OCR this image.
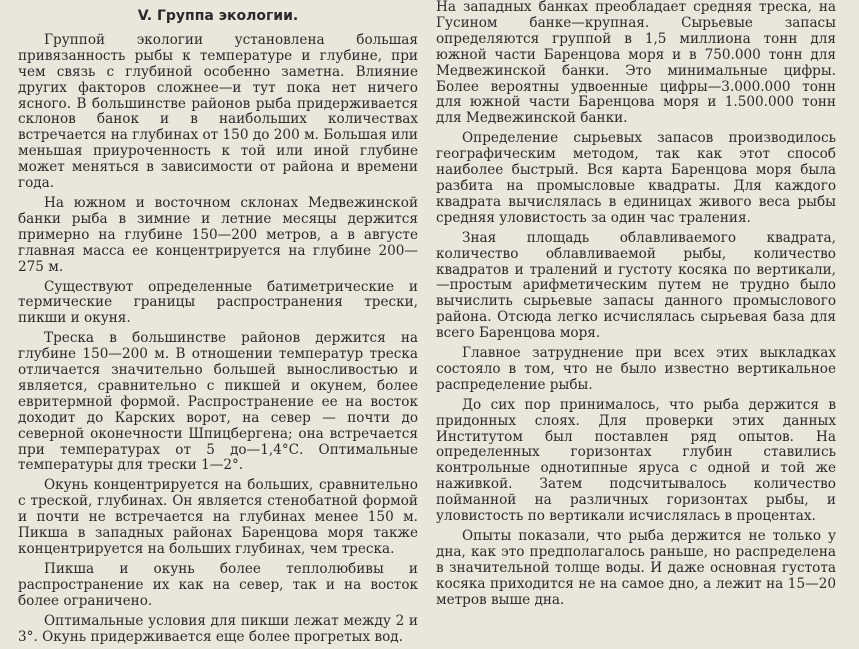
V. Группа экологии.

Группой экологии установлена большая привязанность рыбы к температуре и глубине, при чем связь с глубиной особенно заметна. Влияние других факторов сложнее—и тут пока нет ничего ясного. В большинстве районов рыба придерживается склонов банок и в наибольших количествах встречается на глубинах от 150 до 200 м. Большая или меньшая приуроченность к той или иной глубине может меняться в зависимости от района и времени года.

На южном и восточном склонах Медвежинской банки рыба в зимние и летние месяцы держится примерно на глубине 150—200 метров, а в августе главная масса ее концентрируется на глубине 200—275 м.

Существуют определенные батиметрические и термические границы распространения трески, пикши и окуня.

Треска в большинстве районов держится на глубине 150—200 м. В отношении температур треска отличается значительно большей выносливостью и является, сравнительно с пикшей и окунем, более евритермной формой. Распространение ее на восток доходит до Карских ворот, на север — почти до северной оконечности Шпицбергена; она встречается при температурах от 5 до—1,4°С. Оптимальные температуры для трески 1—2°.

Окунь концентрируется на больших, сравнительно с треской, глубинах. Он является стенобатной формой и почти не встречается на глубинах менее 150 м. Пикша в западных районах Баренцова моря также концентрируется на больших глубинах, чем треска.

Пикша и окунь более теплолюбивы и распространение их как на север, так и на восток более ограничено.

Оптимальные условия для пикши лежат между 2 и 3°. Окунь придерживается еще более прогретых вод.

На западных банках преобладает средняя треска, на Гусином банке—крупная. Сырьевые запасы определяются группой в 1,5 миллиона тонн для южной части Баренцова моря и в 750.000 тонн для Медвежинской банки. Это минимальные цифры. Более вероятны удвоенные цифры—3.000.000 тонн для южной части Баренцова моря и 1.500.000 тонн для Медвежинской банки.

Определение сырьевых запасов производилось географическим методом, так как этот способ наиболее быстрый. Вся карта Баренцова моря была разбита на промысловые квадраты. Для каждого квадрата вычислялась в единицах живого веса рыбы средняя уловистость за один час траления.

Зная площадь облавливаемого квадрата, количество облавливаемой рыбы, количество квадратов и тралений и густоту косяка по вертикали,—простым арифметическим путем не трудно было вычислить сырьевые запасы данного промыслового района. Отсюда легко исчислялась сырьевая база для всего Баренцова моря.

Главное затруднение при всех этих выкладках состояло в том, что не было известно вертикальное распределение рыбы.

До сих пор принималось, что рыба держится в придонных слоях. Для проверки этих данных Институтом был поставлен ряд опытов. На определенных горизонтах глубин ставились контрольные однотипные яруса с одной и той же наживкой. Затем подсчитывалось количество пойманной на различных горизонтах рыбы, и уловистость по вертикали исчислялась в процентах.

Опыты показали, что рыба держится не только у дна, как это предполагалось раньше, но распределена в значительной толще воды. И даже основная густота косяка приходится не на самое дно, а лежит на 15—20 метров выше дна.
